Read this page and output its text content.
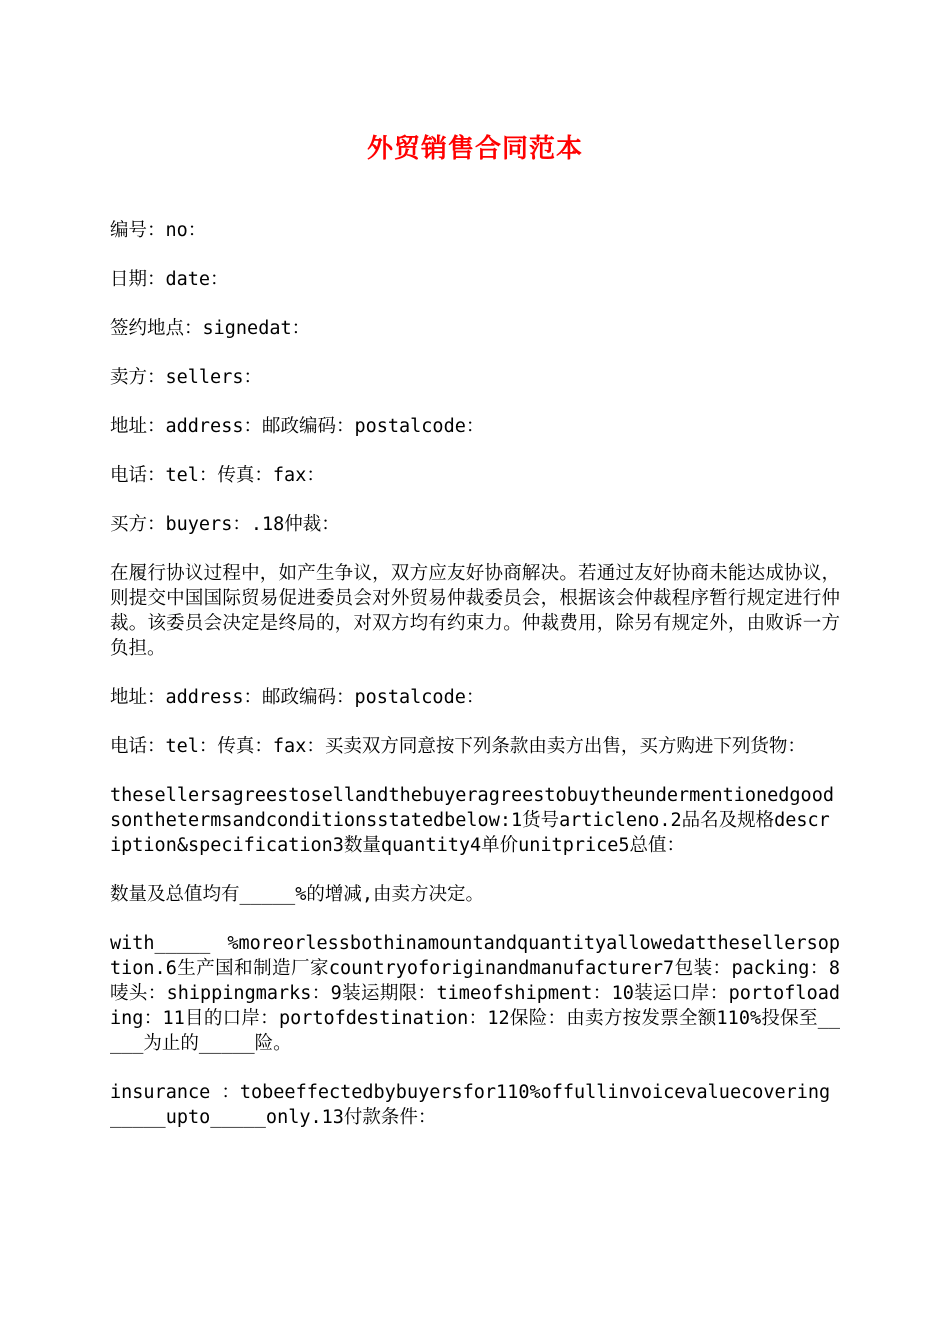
外贸销售合同范本

编号：no：

日期：date：

签约地点：signedat：

卖方：sellers：

地址：address：邮政编码：postalcode：

电话：tel：传真：fax：

买方：buyers：.18仲裁：

在履行协议过程中，如产生争议，双方应友好协商解决。若通过友好协商未能达成协议，则提交中国国际贸易促进委员会对外贸易仲裁委员会，根据该会仲裁程序暂行规定进行仲裁。该委员会决定是终局的，对双方均有约束力。仲裁费用，除另有规定外，由败诉一方负担。

地址：address：邮政编码：postalcode：

电话：tel：传真：fax：买卖双方同意按下列条款由卖方出售，买方购进下列货物：

thesellersagreestosellandthebuyeragreestobuytheundermentionedgoodsonthetermsandconditionsstatedbelow:1货号articleno.2品名及规格description&specification3数量quantity4单价unitprice5总值：

数量及总值均有_____%的增减,由卖方决定。

with_____ %moreorlessbothinamountandquantityallowedatthesellersoption.6生产国和制造厂家countryoforiginandmanufacturer7包装：packing：8唛头：shippingmarks：9装运期限：timeofshipment：10装运口岸：portofloading：11目的口岸：portofdestination：12保险：由卖方按发票全额110%投保至_____为止的_____险。

insurance ：tobeeffectedbybuyersfor110%offullinvoicevaluecovering_____upto_____only.13付款条件：
